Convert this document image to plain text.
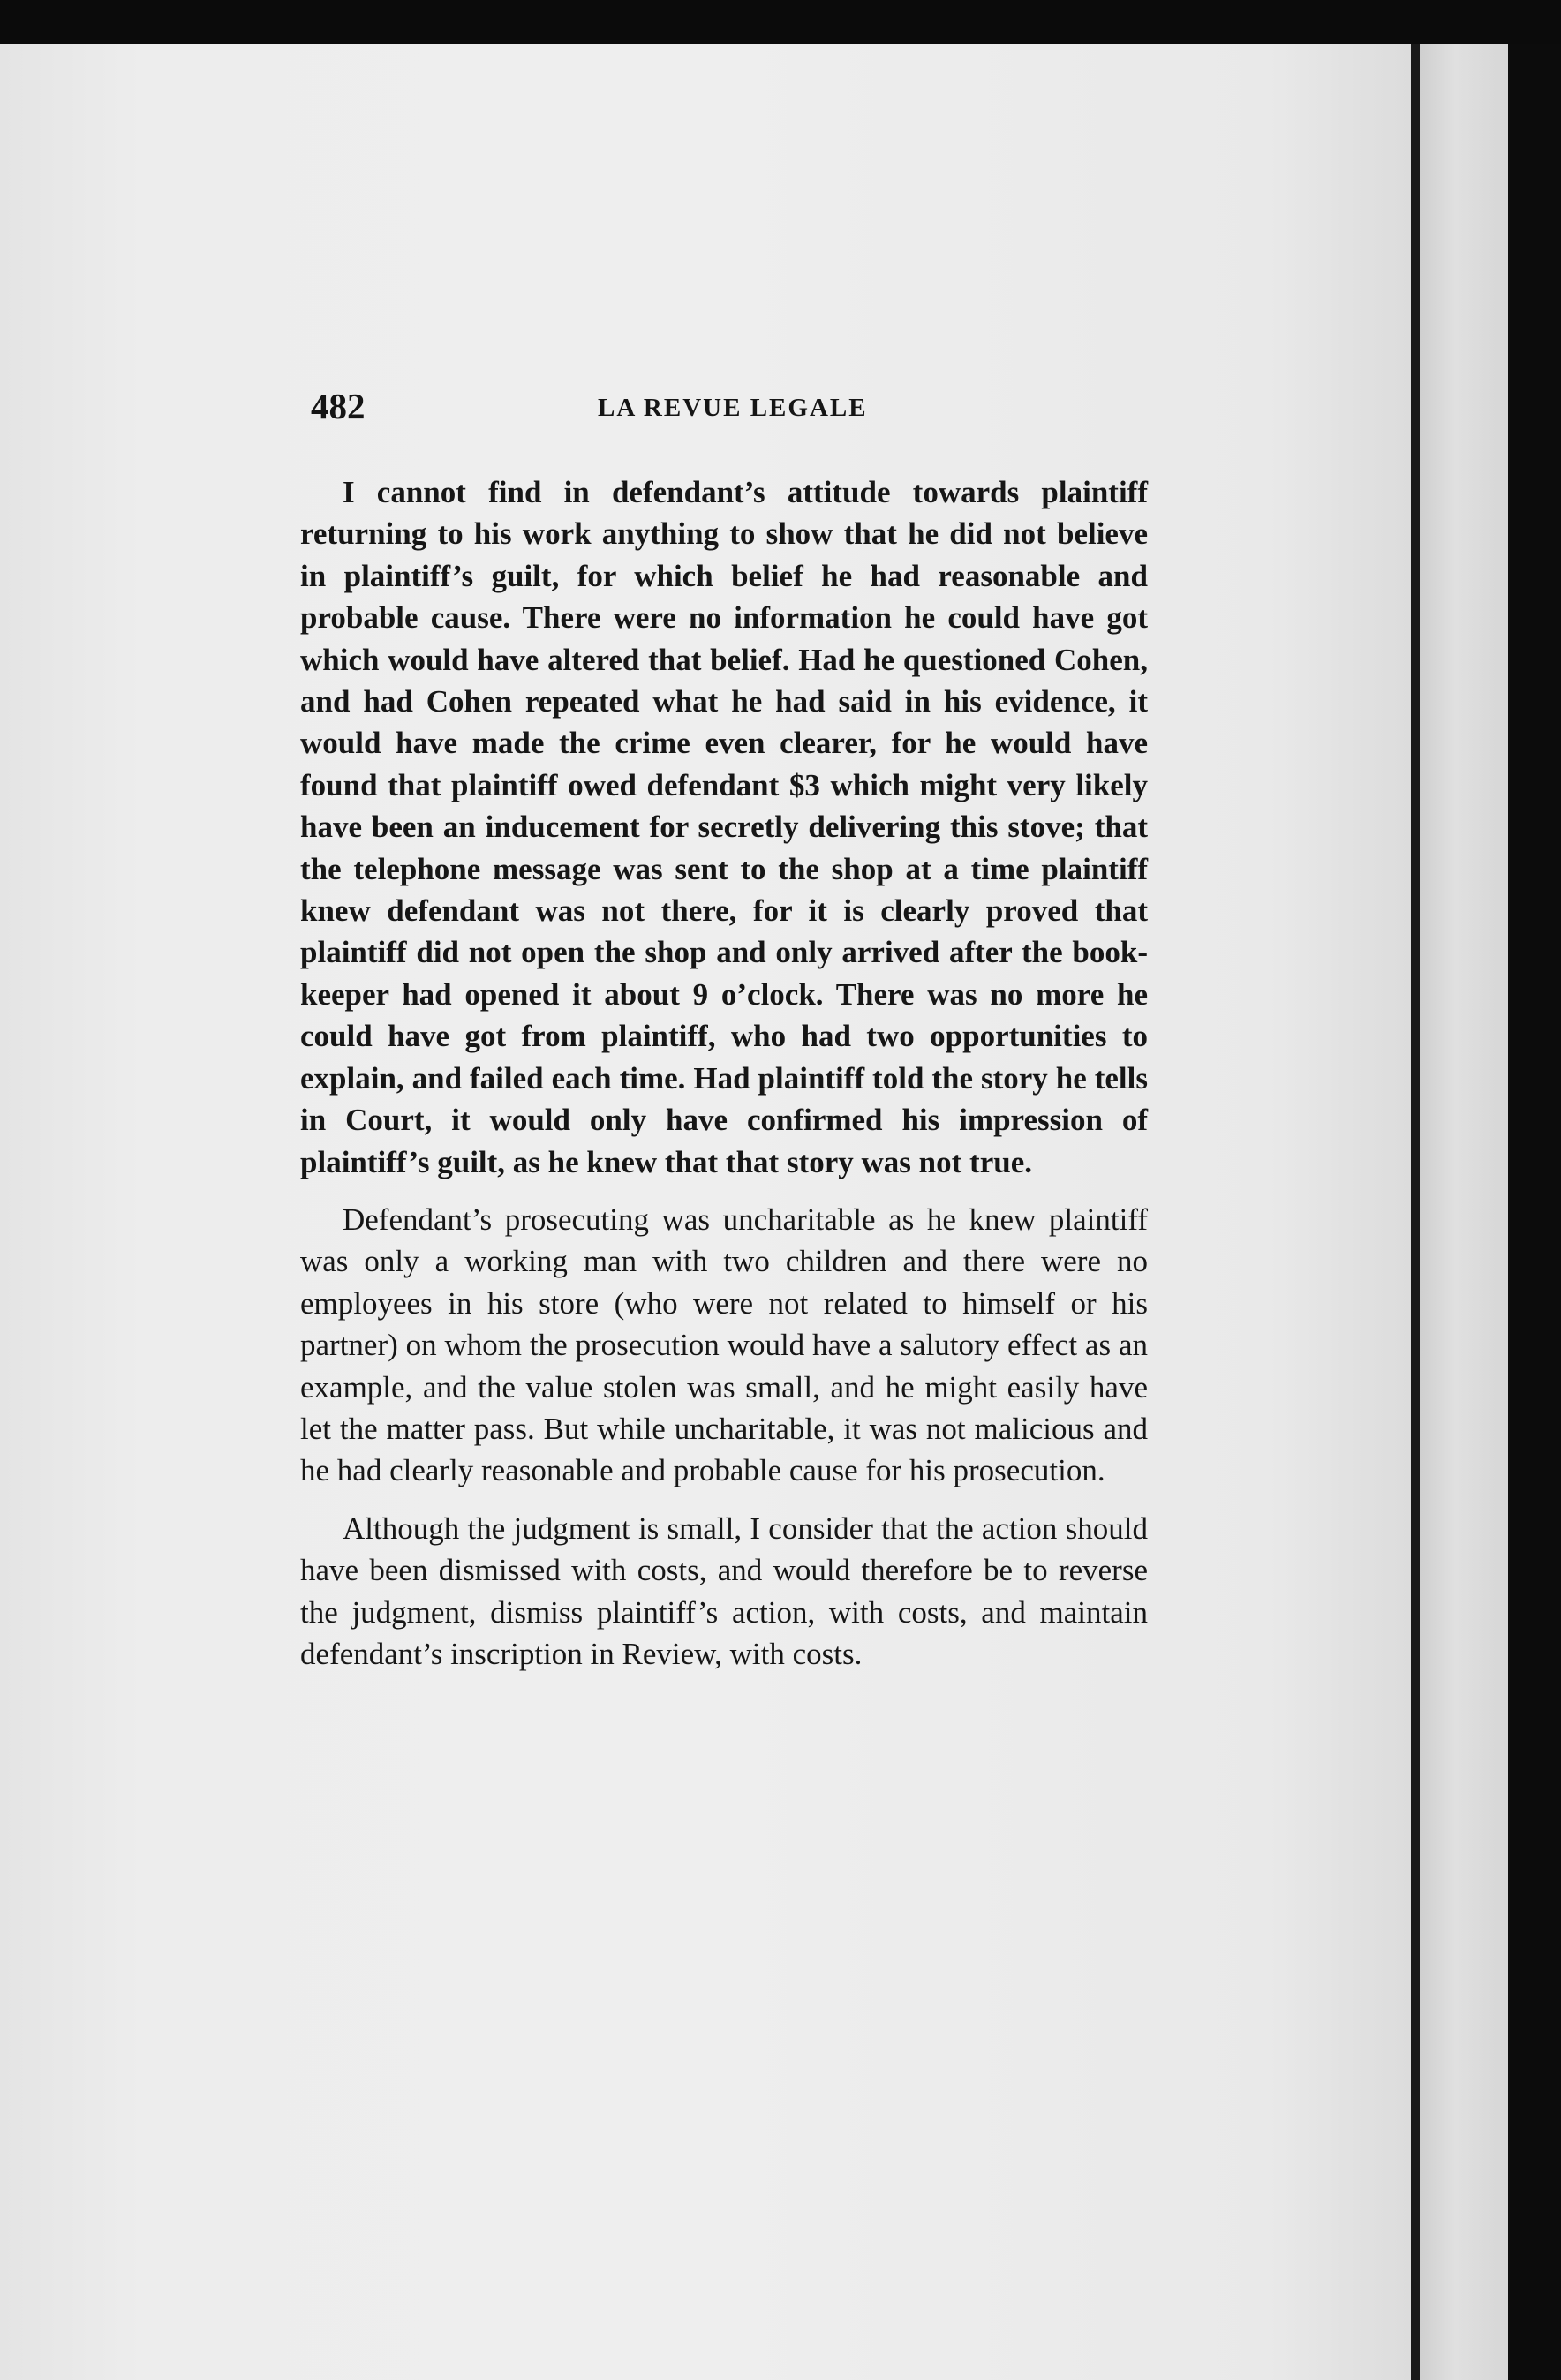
482	LA REVUE LEGALE

I cannot find in defendant’s attitude towards plaintiff returning to his work anything to show that he did not believe in plaintiff’s guilt, for which belief he had reasonable and probable cause. There were no information he could have got which would have altered that belief. Had he questioned Cohen, and had Cohen repeated what he had said in his evidence, it would have made the crime even clearer, for he would have found that plaintiff owed defendant $3 which might very likely have been an inducement for secretly delivering this stove; that the telephone message was sent to the shop at a time plaintiff knew defendant was not there, for it is clearly proved that plaintiff did not open the shop and only arrived after the book-keeper had opened it about 9 o’clock. There was no more he could have got from plaintiff, who had two opportunities to explain, and failed each time. Had plaintiff told the story he tells in Court, it would only have confirmed his impression of plaintiff’s guilt, as he knew that that story was not true.

Defendant’s prosecuting was uncharitable as he knew plaintiff was only a working man with two children and there were no employees in his store (who were not related to himself or his partner) on whom the prosecution would have a salutory effect as an example, and the value stolen was small, and he might easily have let the matter pass. But while uncharitable, it was not malicious and he had clearly reasonable and probable cause for his prosecution.

Although the judgment is small, I consider that the action should have been dismissed with costs, and would therefore be to reverse the judgment, dismiss plaintiff’s action, with costs, and maintain defendant’s inscription in Review, with costs.
